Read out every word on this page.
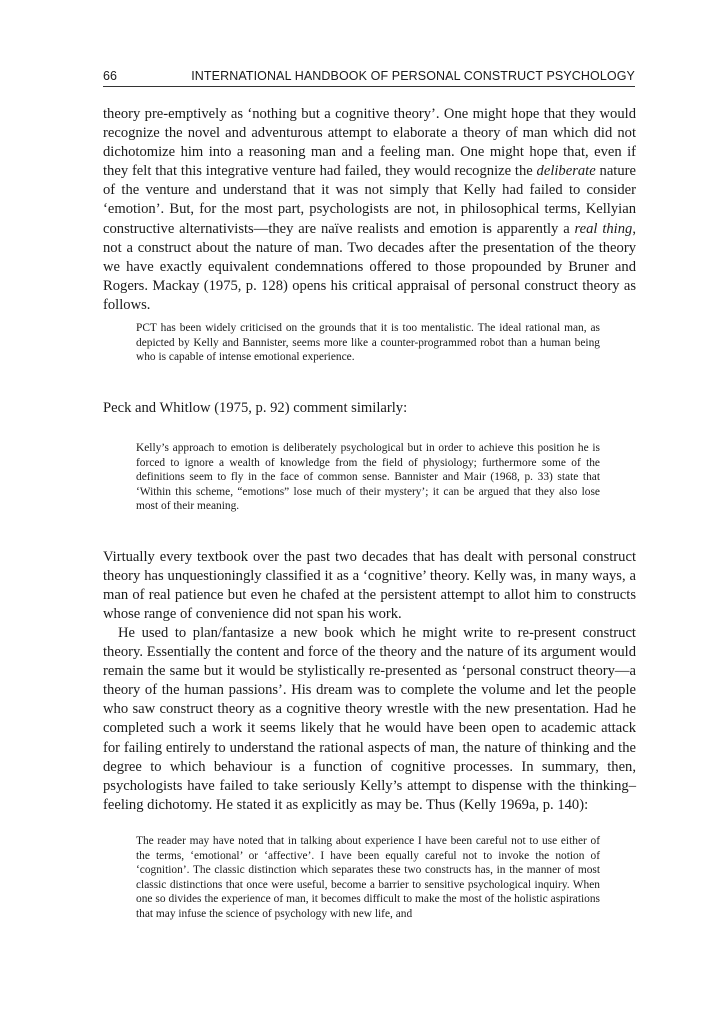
66	INTERNATIONAL HANDBOOK OF PERSONAL CONSTRUCT PSYCHOLOGY

theory pre-emptively as ‘nothing but a cognitive theory’. One might hope that they would recognize the novel and adventurous attempt to elaborate a theory of man which did not dichotomize him into a reasoning man and a feeling man. One might hope that, even if they felt that this integrative venture had failed, they would recognize the deliberate nature of the venture and understand that it was not simply that Kelly had failed to consider ‘emotion’. But, for the most part, psychologists are not, in philosophical terms, Kellyian constructive alternativists—they are naïve realists and emotion is apparently a real thing, not a construct about the nature of man. Two decades after the presentation of the theory we have exactly equivalent condemnations offered to those propounded by Bruner and Rogers. Mackay (1975, p. 128) opens his critical appraisal of personal construct theory as follows.

PCT has been widely criticised on the grounds that it is too mentalistic. The ideal rational man, as depicted by Kelly and Bannister, seems more like a counter-programmed robot than a human being who is capable of intense emotional experience.

Peck and Whitlow (1975, p. 92) comment similarly:

Kelly’s approach to emotion is deliberately psychological but in order to achieve this position he is forced to ignore a wealth of knowledge from the field of physiology; furthermore some of the definitions seem to fly in the face of common sense. Bannister and Mair (1968, p. 33) state that ‘Within this scheme, “emotions” lose much of their mystery’; it can be argued that they also lose most of their meaning.

Virtually every textbook over the past two decades that has dealt with personal construct theory has unquestioningly classified it as a ‘cognitive’ theory. Kelly was, in many ways, a man of real patience but even he chafed at the persistent attempt to allot him to constructs whose range of convenience did not span his work.

He used to plan/fantasize a new book which he might write to re-present construct theory. Essentially the content and force of the theory and the nature of its argument would remain the same but it would be stylistically re-presented as ‘personal construct theory—a theory of the human passions’. His dream was to complete the volume and let the people who saw construct theory as a cognitive theory wrestle with the new presentation. Had he completed such a work it seems likely that he would have been open to academic attack for failing entirely to understand the rational aspects of man, the nature of thinking and the degree to which behaviour is a function of cognitive processes. In summary, then, psychologists have failed to take seriously Kelly’s attempt to dispense with the thinking–feeling dichotomy. He stated it as explicitly as may be. Thus (Kelly 1969a, p. 140):

The reader may have noted that in talking about experience I have been careful not to use either of the terms, ‘emotional’ or ‘affective’. I have been equally careful not to invoke the notion of ‘cognition’. The classic distinction which separates these two constructs has, in the manner of most classic distinctions that once were useful, become a barrier to sensitive psychological inquiry. When one so divides the experience of man, it becomes difficult to make the most of the holistic aspirations that may infuse the science of psychology with new life, and
